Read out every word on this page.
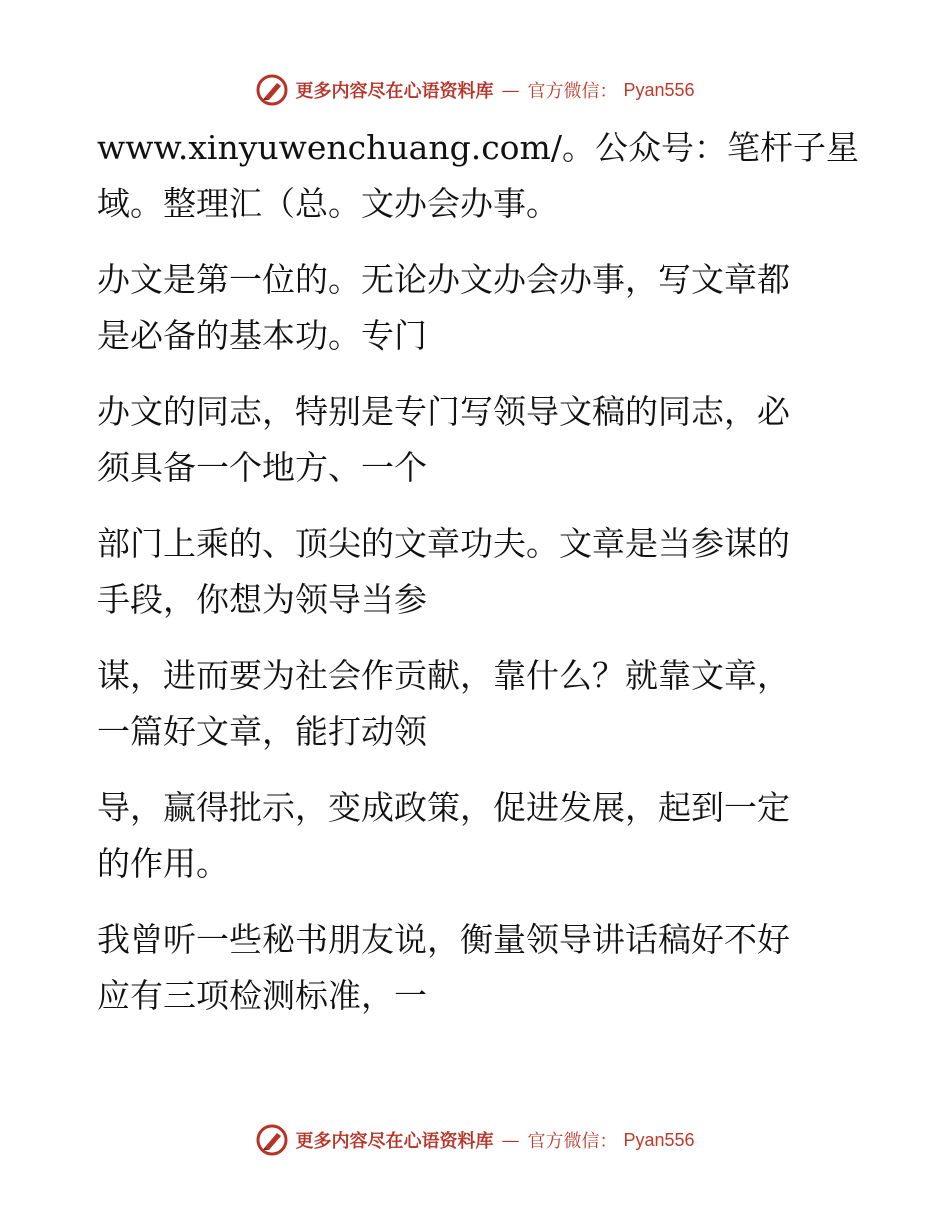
更多内容尽在心语资料库 — 官方微信： Pyan556

www.xinyuwenchuang.com/。公众号：笔杆子星
域。整理汇（总。文办会办事。

办文是第一位的。无论办文办会办事，写文章都
是必备的基本功。专门

办文的同志，特别是专门写领导文稿的同志，必
须具备一个地方、一个

部门上乘的、顶尖的文章功夫。文章是当参谋的
手段，你想为领导当参

谋，进而要为社会作贡献，靠什么？就靠文章，
一篇好文章，能打动领

导，赢得批示，变成政策，促进发展，起到一定
的作用。

我曾听一些秘书朋友说，衡量领导讲话稿好不好
应有三项检测标准，一

更多内容尽在心语资料库 — 官方微信： Pyan556
